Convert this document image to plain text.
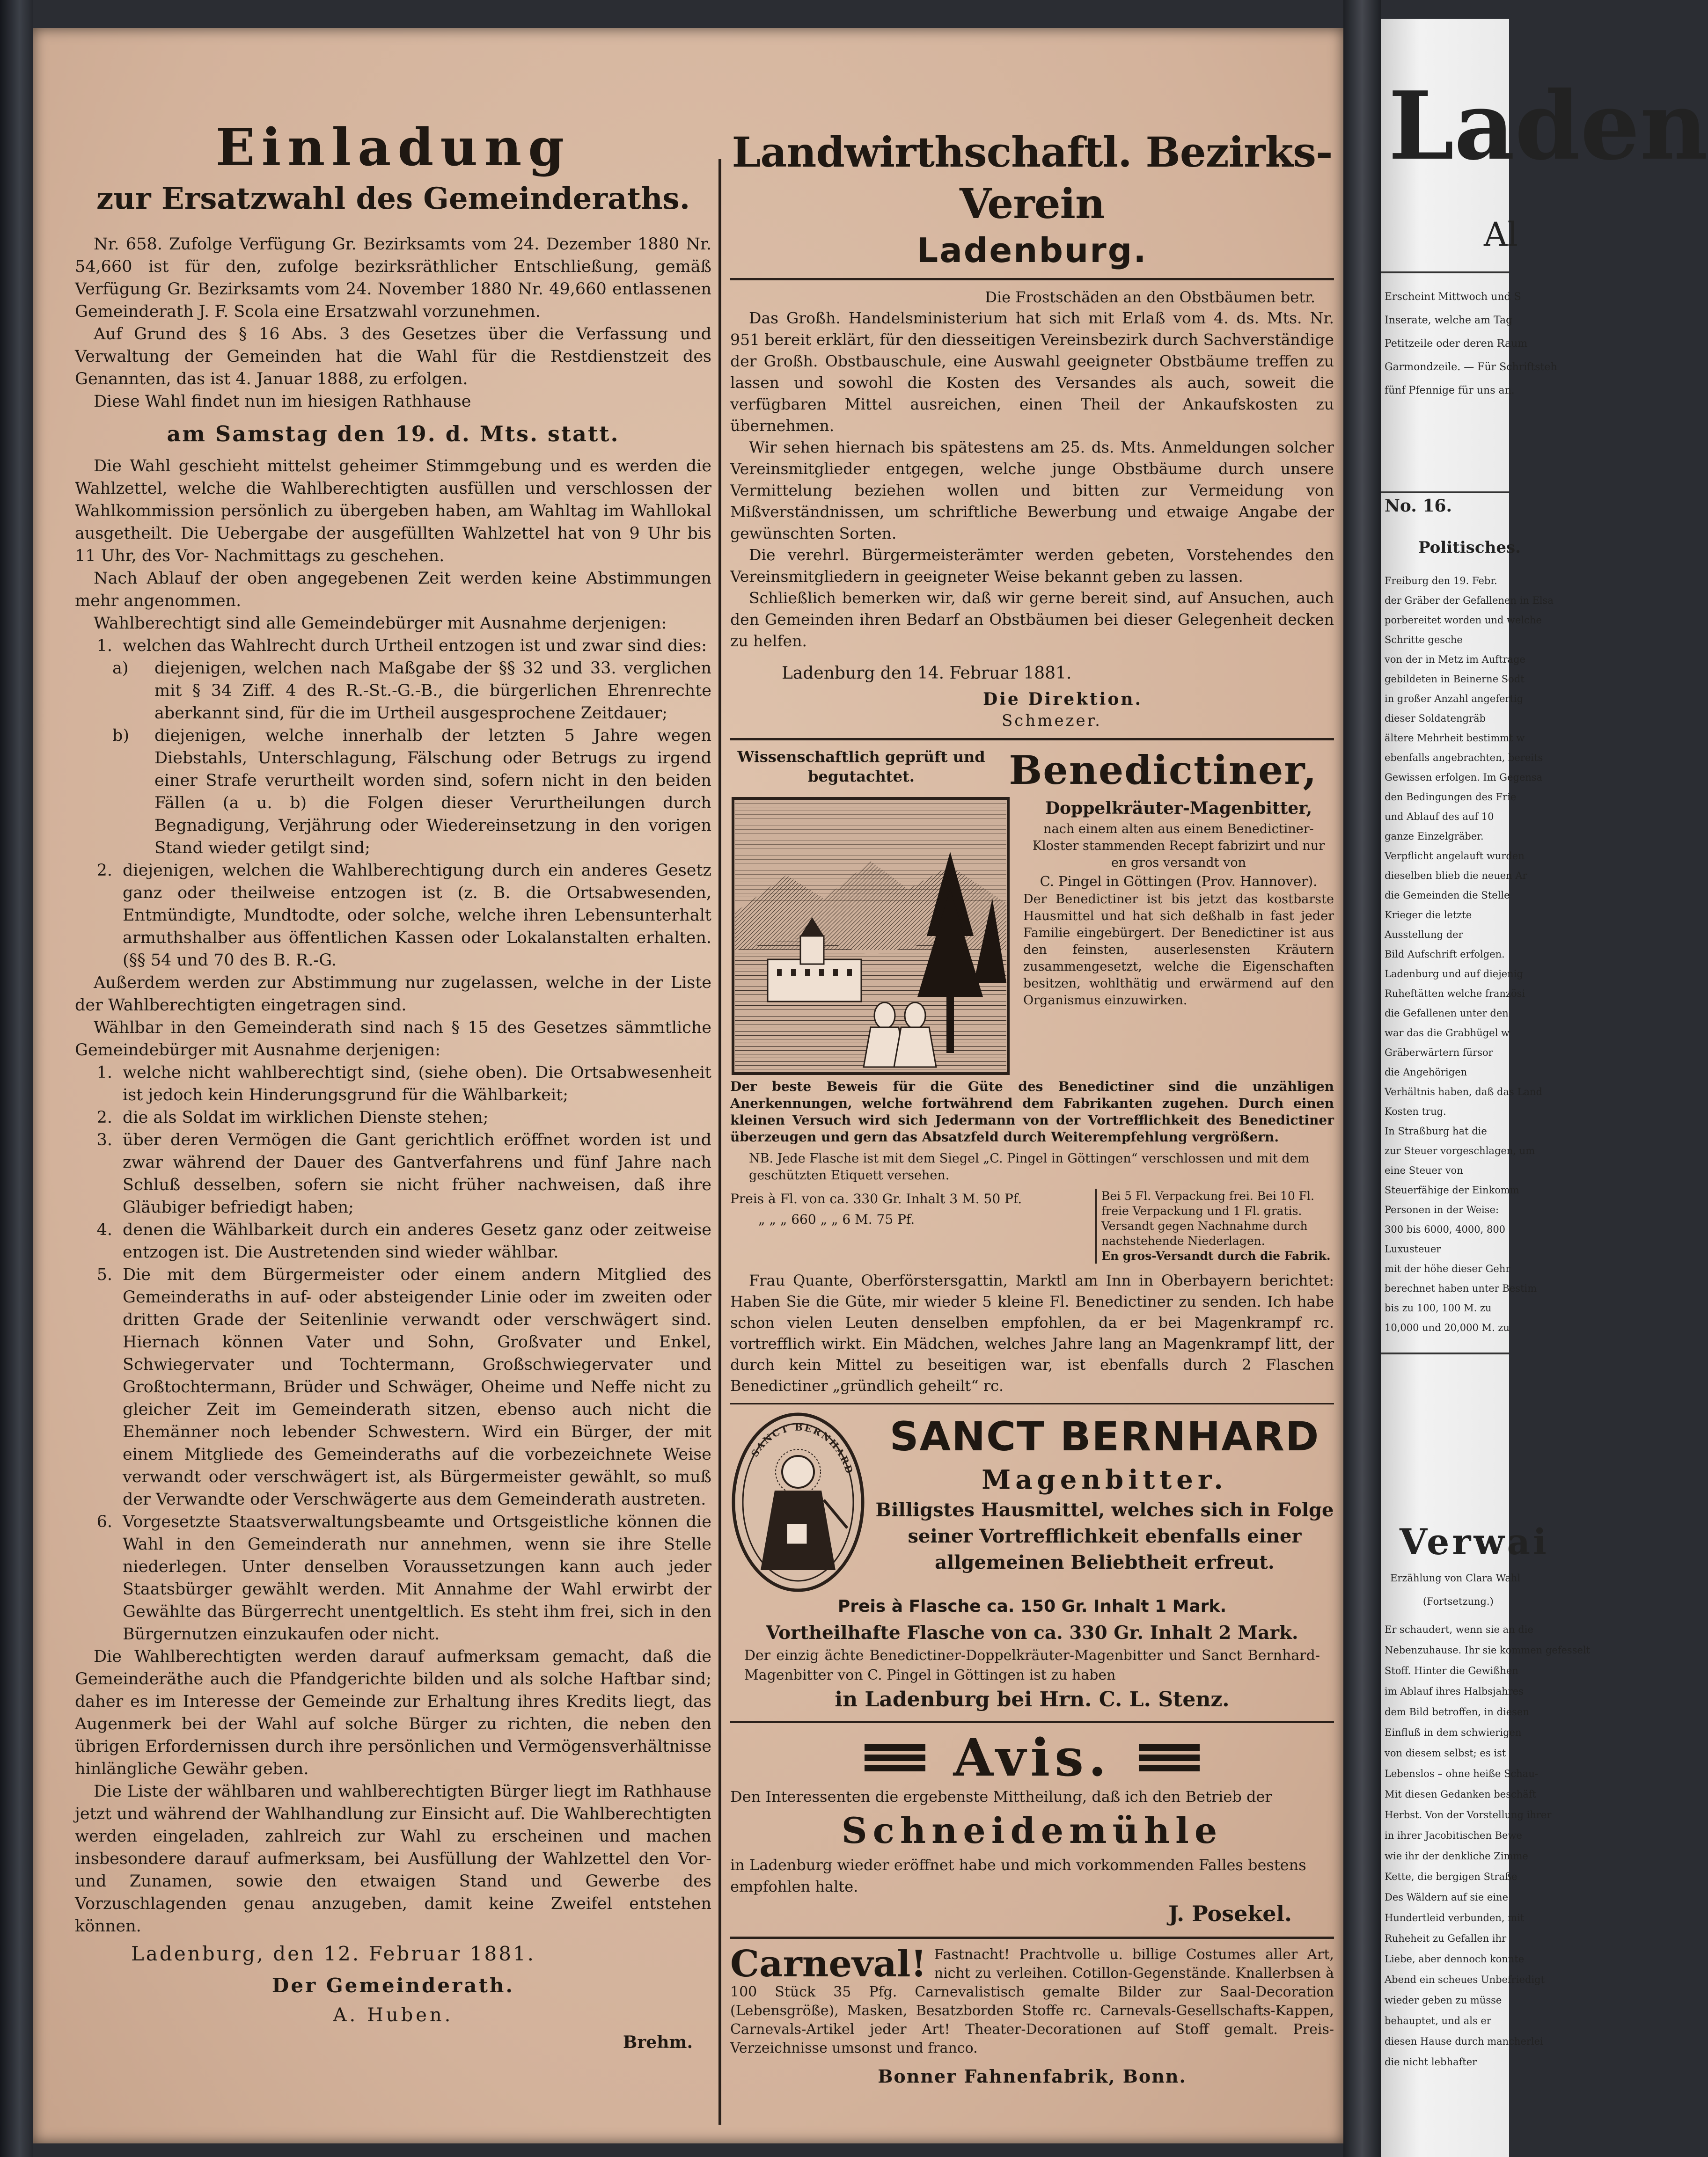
Einladung
zur Ersatzwahl des Gemeinderaths.

Nr. 658. Zufolge Verfügung Gr. Bezirksamts vom 24. Dezember 1880 Nr. 54,660 ist für den, zufolge bezirksräthlicher Entschließung, gemäß Verfügung Gr. Bezirksamts vom 24. November 1880 Nr. 49,660 entlassenen Gemeinderath J. F. Scola eine Ersatzwahl vorzunehmen.

Auf Grund des § 16 Abs. 3 des Gesetzes über die Verfassung und Verwaltung der Gemeinden hat die Wahl für die Restdienstzeit des Genannten, das ist 4. Januar 1888, zu erfolgen.

Diese Wahl findet nun im hiesigen Rathhause

am Samstag den 19. d. Mts. statt.

Die Wahl geschieht mittelst geheimer Stimmgebung und es werden die Wahlzettel, welche die Wahlberechtigten ausfüllen und verschlossen der Wahlkommission persönlich zu übergeben haben, am Wahltag im Wahllokal ausgetheilt. Die Uebergabe der ausgefüllten Wahlzettel hat von 9 Uhr bis 11 Uhr, des Vor- Nachmittags zu geschehen.

Nach Ablauf der oben angegebenen Zeit werden keine Abstimmungen mehr angenommen.

Wahlberechtigt sind alle Gemeindebürger mit Ausnahme derjenigen:

1. welchen das Wahlrecht durch Urtheil entzogen ist und zwar sind dies:
a)	diejenigen, welchen nach Maßgabe der §§ 32 und 33. verglichen mit § 34 Ziff. 4 des R.-St.-G.-B., die bürgerlichen Ehrenrechte aberkannt sind, für die im Urtheil ausgesprochene Zeitdauer;
b)	diejenigen, welche innerhalb der letzten 5 Jahre wegen Diebstahls, Unterschlagung, Fälschung oder Betrugs zu irgend einer Strafe verurtheilt worden sind, sofern nicht in den beiden Fällen (a u. b) die Folgen dieser Verurtheilungen durch Begnadigung, Verjährung oder Wiedereinsetzung in den vorigen Stand wieder getilgt sind;
2. diejenigen, welchen die Wahlberechtigung durch ein anderes Gesetz ganz oder theilweise entzogen ist (z. B. die Ortsabwesenden, Entmündigte, Mundtodte, oder solche, welche ihren Lebensunterhalt armuthshalber aus öffentlichen Kassen oder Lokalanstalten erhalten. (§§ 54 und 70 des B. R.-G.

Außerdem werden zur Abstimmung nur zugelassen, welche in der Liste der Wahlberechtigten eingetragen sind.

Wählbar in den Gemeinderath sind nach § 15 des Gesetzes sämmtliche Gemeindebürger mit Ausnahme derjenigen:

1. welche nicht wahlberechtigt sind, (siehe oben). Die Ortsabwesenheit ist jedoch kein Hinderungsgrund für die Wählbarkeit;
2. die als Soldat im wirklichen Dienste stehen;
3. über deren Vermögen die Gant gerichtlich eröffnet worden ist und zwar während der Dauer des Gantverfahrens und fünf Jahre nach Schluß desselben, sofern sie nicht früher nachweisen, daß ihre Gläubiger befriedigt haben;
4. denen die Wählbarkeit durch ein anderes Gesetz ganz oder zeitweise entzogen ist. Die Austretenden sind wieder wählbar.
5. Die mit dem Bürgermeister oder einem andern Mitglied des Gemeinderaths in auf- oder absteigender Linie oder im zweiten oder dritten Grade der Seitenlinie verwandt oder verschwägert sind. Hiernach können Vater und Sohn, Großvater und Enkel, Schwiegervater und Tochtermann, Großschwiegervater und Großtochtermann, Brüder und Schwäger, Oheime und Neffe nicht zu gleicher Zeit im Gemeinderath sitzen, ebenso auch nicht die Ehemänner noch lebender Schwestern. Wird ein Bürger, der mit einem Mitgliede des Gemeinderaths auf die vorbezeichnete Weise verwandt oder verschwägert ist, als Bürgermeister gewählt, so muß der Verwandte oder Verschwägerte aus dem Gemeinderath austreten.
6. Vorgesetzte Staatsverwaltungsbeamte und Ortsgeistliche können die Wahl in den Gemeinderath nur annehmen, wenn sie ihre Stelle niederlegen. Unter denselben Voraussetzungen kann auch jeder Staatsbürger gewählt werden. Mit Annahme der Wahl erwirbt der Gewählte das Bürgerrecht unentgeltlich. Es steht ihm frei, sich in den Bürgernutzen einzukaufen oder nicht.

Die Wahlberechtigten werden darauf aufmerksam gemacht, daß die Gemeinderäthe auch die Pfandgerichte bilden und als solche Haftbar sind; daher es im Interesse der Gemeinde zur Erhaltung ihres Kredits liegt, das Augenmerk bei der Wahl auf solche Bürger zu richten, die neben den übrigen Erfordernissen durch ihre persönlichen und Vermögensverhältnisse hinlängliche Gewähr geben.

Die Liste der wählbaren und wahlberechtigten Bürger liegt im Rathhause jetzt und während der Wahlhandlung zur Einsicht auf. Die Wahlberechtigten werden eingeladen, zahlreich zur Wahl zu erscheinen und machen insbesondere darauf aufmerksam, bei Ausfüllung der Wahlzettel den Vor- und Zunamen, sowie den etwaigen Stand und Gewerbe des Vorzuschlagenden genau anzugeben, damit keine Zweifel entstehen können.

Ladenburg, den 12. Februar 1881.
Der Gemeinderath.
A. Huben.
Brehm.
Landwirthschaftl. Bezirks-Verein
Ladenburg.
Die Frostschäden an den Obstbäumen betr.

Das Großh. Handelsministerium hat sich mit Erlaß vom 4. ds. Mts. Nr. 951 bereit erklärt, für den diesseitigen Vereinsbezirk durch Sachverständige der Großh. Obstbauschule, eine Auswahl geeigneter Obstbäume treffen zu lassen und sowohl die Kosten des Versandes als auch, soweit die verfügbaren Mittel ausreichen, einen Theil der Ankaufskosten zu übernehmen.

Wir sehen hiernach bis spätestens am 25. ds. Mts. Anmeldungen solcher Vereinsmitglieder entgegen, welche junge Obstbäume durch unsere Vermittelung beziehen wollen und bitten zur Vermeidung von Mißverständnissen, um schriftliche Bewerbung und etwaige Angabe der gewünschten Sorten.

Die verehrl. Bürgermeisterämter werden gebeten, Vorstehendes den Vereinsmitgliedern in geeigneter Weise bekannt geben zu lassen.

Schließlich bemerken wir, daß wir gerne bereit sind, auf Ansuchen, auch den Gemeinden ihren Bedarf an Obstbäumen bei dieser Gelegenheit decken zu helfen.

Ladenburg den 14. Februar 1881.
Die Direktion.
Schmezer.
Wissenschaftlich geprüft und begutachtet.	Benedictiner,
Doppelkräuter-Magenbitter,
nach einem alten aus einem Benedictiner-Kloster stammenden Recept fabrizirt und nur en gros versandt von
C. Pingel in Göttingen (Prov. Hannover).
Der Benedictiner ist bis jetzt das kostbarste Hausmittel und hat sich deßhalb in fast jeder Familie eingebürgert. Der Benedictiner ist aus den feinsten, auserlesensten Kräutern zusammengesetzt, welche die Eigenschaften besitzen, wohlthätig und erwärmend auf den Organismus einzuwirken.
Der beste Beweis für die Güte des Benedictiner sind die unzähligen Anerkennungen, welche fortwährend dem Fabrikanten zugehen. Durch einen kleinen Versuch wird sich Jedermann von der Vortrefflichkeit des Benedictiner überzeugen und gern das Absatzfeld durch Weiterempfehlung vergrößern.
NB. Jede Flasche ist mit dem Siegel „C. Pingel in Göttingen“ verschlossen und mit dem geschützten Etiquett versehen.
Preis à Fl. von ca. 330 Gr. Inhalt 3 M. 50 Pf.
„ „ „ 660 „ „ 6 M. 75 Pf.
Bei 5 Fl. Verpackung frei. Bei 10 Fl. freie Verpackung und 1 Fl. gratis. Versandt gegen Nachnahme durch nachstehende Niederlagen.
En gros-Versandt durch die Fabrik.
Frau Quante, Oberförstersgattin, Marktl am Inn in Oberbayern berichtet: Haben Sie die Güte, mir wieder 5 kleine Fl. Benedictiner zu senden. Ich habe schon vielen Leuten denselben empfohlen, da er bei Magenkrampf rc. vortrefflich wirkt. Ein Mädchen, welches Jahre lang an Magenkrampf litt, der durch kein Mittel zu beseitigen war, ist ebenfalls durch 2 Flaschen Benedictiner „gründlich geheilt“ rc.
SANCT BERNHARD
SANCT BERNHARD
Magenbitter.
Billigstes Hausmittel, welches sich in Folge seiner Vortrefflichkeit ebenfalls einer allgemeinen Beliebtheit erfreut.
Preis à Flasche ca. 150 Gr. Inhalt 1 Mark.
Vortheilhafte Flasche von ca. 330 Gr. Inhalt 2 Mark.
Der einzig ächte Benedictiner-Doppelkräuter-Magenbitter und Sanct Bernhard-Magenbitter von C. Pingel in Göttingen ist zu haben
in Ladenburg bei Hrn. C. L. Stenz.
Avis.
Den Interessenten die ergebenste Mittheilung, daß ich den Betrieb der
Schneidemühle
in Ladenburg wieder eröffnet habe und mich vorkommenden Falles bestens empfohlen halte.
J. Posekel.
Carneval! Fastnacht! Prachtvolle u. billige Costumes aller Art, nicht zu verleihen. Cotillon-Gegenstände. Knallerbsen à 100 Stück 35 Pfg. Carnevalistisch gemalte Bilder zur Saal-Decoration (Lebensgröße), Masken, Besatzborden Stoffe rc. Carnevals-Gesellschafts-Kappen, Carnevals-Artikel jeder Art! Theater-Decorationen auf Stoff gemalt. Preis-Verzeichnisse umsonst und franco.
Bonner Fahnenfabrik, Bonn.
Laden
Al
Erscheint Mittwoch und S
Inserate, welche am Tag
Petitzeile oder deren Raum
Garmondzeile. — Für Schriftsteh
fünf Pfennige für uns an.
No. 16.
Politisches.
Freiburg den 19. Febr.
der Gräber der Gefallenen in Elsa
porbereitet worden und welche
Schritte gesche
von der in Metz im Auftrage
gebildeten in Beinerne Sodt
in großer Anzahl angefertig
dieser Soldatengräb
ältere Mehrheit bestimmt w
ebenfalls angebrachten, bereits
Gewissen erfolgen. Im Gegensa
den Bedingungen des Frie
und Ablauf des auf 10
ganze Einzelgräber.
Verpflicht angelauft wurden
dieselben blieb die neuen Ar
die Gemeinden die Stelle
Krieger die letzte
Ausstellung der
Bild Aufschrift erfolgen.
Ladenburg und auf diejenig
Ruheftätten welche französi
die Gefallenen unter den
war das die Grabhügel w
Gräberwärtern fürsor
die Angehörigen
Verhältnis haben, daß das Land
Kosten trug.
In Straßburg hat die
zur Steuer vorgeschlagen, um
eine Steuer von
Steuerfähige der Einkomm
Personen in der Weise:
300 bis 6000, 4000, 800
Luxusteuer
mit der höhe dieser Gehr
berechnet haben unter Bestim
bis zu 100, 100 M. zu
10,000 und 20,000 M. zu
Verwai
Erzählung von Clara Wahl
(Fortsetzung.)
Er schaudert, wenn sie an die
Nebenzuhause. Ihr sie kommen gefesselt
Stoff. Hinter die Gewißhen
im Ablauf ihres Halbsjahres
dem Bild betroffen, in diesen
Einfluß in dem schwierigen
von diesem selbst; es ist
Lebenslos – ohne heiße Schau-
Mit diesen Gedanken beschäft
Herbst. Von der Vorstellung ihrer
in ihrer Jacobitischen Bewe
wie ihr der denkliche Zimme
Kette, die bergigen Straße
Des Wäldern auf sie eine
Hundertleid verbunden, mit
Ruheheit zu Gefallen ihr
Liebe, aber dennoch konnte
Abend ein scheues Unbefriedigt
wieder geben zu müsse
behauptet, und als er
diesen Hause durch mancherlei
die nicht lebhafter
